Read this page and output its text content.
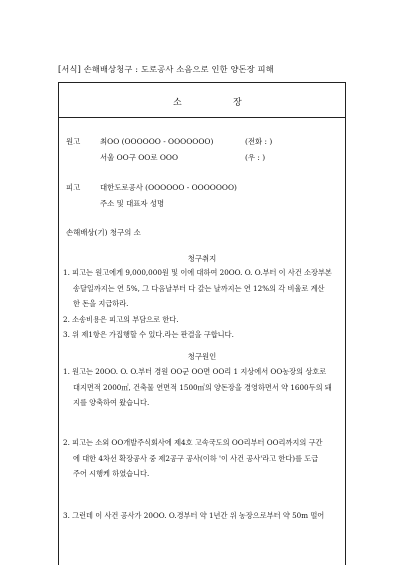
[서식] 손해배상청구 : 도로공사 소음으로 인한 양돈장 피해
소	장
원고	최OO (OOOOOO - OOOOOOO)	(전화 : )
서울 OO구 OO로 OOO	(우 : )
피고	대한도로공사 (OOOOOO - OOOOOOO)
주소 및 대표자 성명
손해배상(기) 청구의 소
청구취지

1. 피고는 원고에게 9,000,000원 및 이에 대하여 20OO. O. O.부터 이 사건 소장부본

송달일까지는 연 5%, 그 다음날부터 다 갚는 날까지는 연 12%의 각 비율로 계산

한 돈을 지급하라.

2. 소송비용은 피고의 부담으로 한다.

3. 위 제1항은 가집행할 수 있다.라는 판결을 구합니다.

청구원인

1. 원고는 20OO. O. O.부터 경원 OO군 OO면 OO리 1 지상에서 OO농장의 상호로

대지면적 2000㎡, 건축물 연면적 1500㎡의 양돈장을 경영하면서 약 1600두의 돼

지를 양축하여 왔습니다.

2. 피고는 소외 OO개발주식회사에 제4호 고속국도의 OO리부터 OO리까지의 구간

에 대한 4차선 확장공사 중 제2공구 공사(이하 '이 사건 공사'라고 한다)를 도급

주어 시행케 하였습니다.

3. 그런데 이 사건 공사가 20OO. O.경부터 약 1년간 위 농장으로부터 약 50m 떨어
